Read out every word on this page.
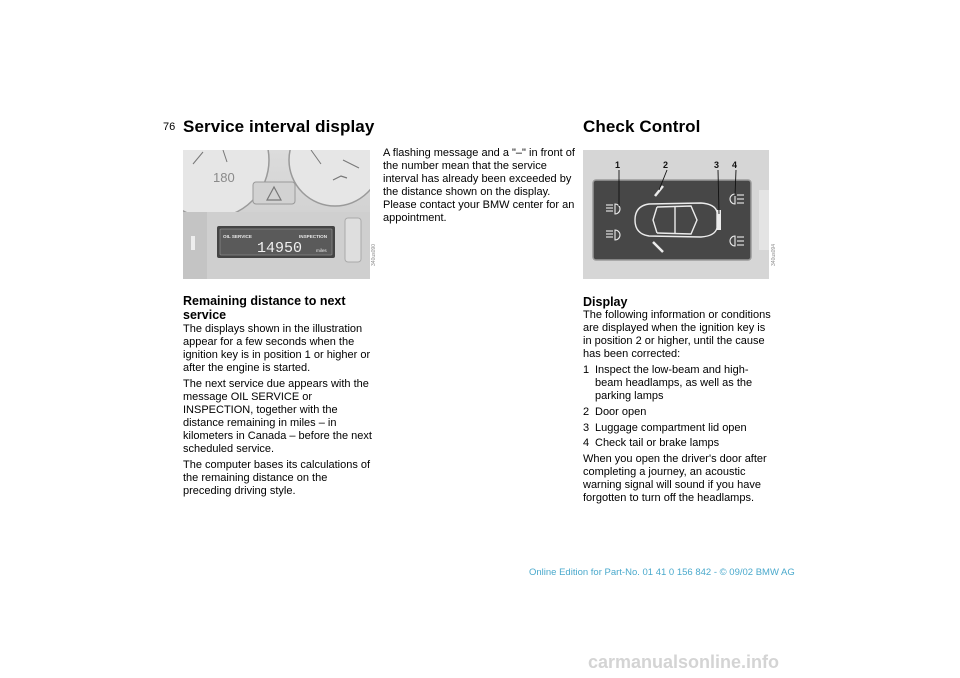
76 Service interval display	Check Control
OIL SERVICE	INSPECTION
14950	miles
180
340us090
Remaining distance to next service

The displays shown in the illustration appear for a few seconds when the ignition key is in position 1 or higher or after the engine is started.

The next service due appears with the message OIL SERVICE or INSPECTION, together with the distance remaining in miles – in kilometers in Canada – before the next scheduled service.

The computer bases its calculations of the remaining distance on the preceding driving style.

A flashing message and a "–" in front of the number mean that the service interval has already been exceeded by the distance shown on the display. Please contact your BMW center for an appointment.

1	2	3 4
340us094
Display

The following information or conditions are displayed when the ignition key is in position 2 or higher, until the cause has been corrected:

1 Inspect the low-beam and high-beam headlamps, as well as the parking lamps
2 Door open
3 Luggage compartment lid open
4 Check tail or brake lamps

When you open the driver's door after completing a journey, an acoustic warning signal will sound if you have forgotten to turn off the headlamps.

Online Edition for Part-No. 01 41 0 156 842 - © 09/02 BMW AG
carmanualsonline.info
